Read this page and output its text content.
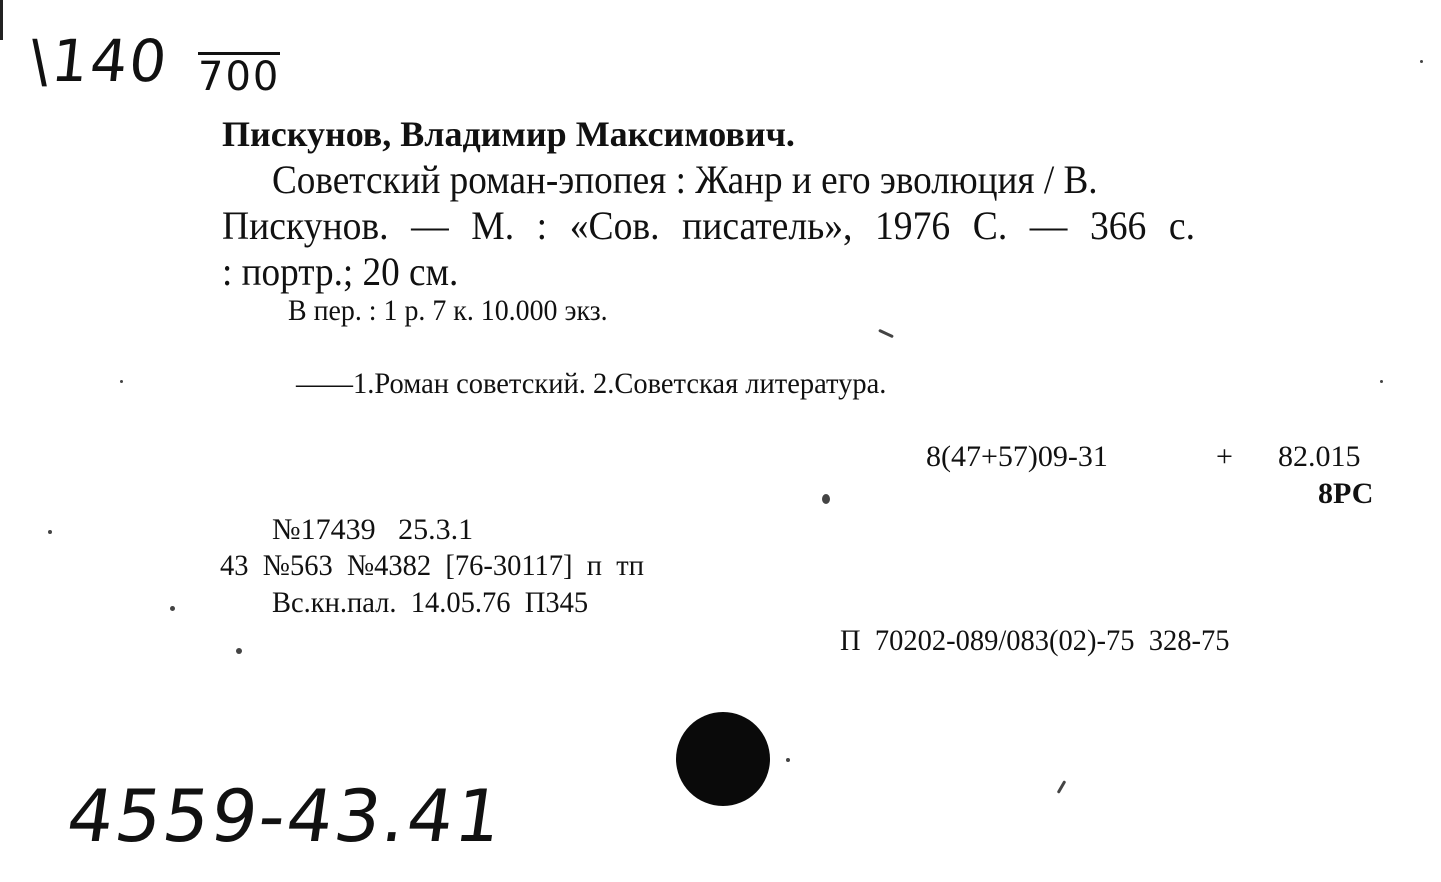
\140 700
Пискунов, Владимир Максимович.
Советский роман-эпопея : Жанр и его эволюция / В.
Пискунов. — М. : «Сов. писатель», 1976 С. — 366 с.
: портр.; 20 см.
В пер. : 1 р. 7 к. 10.000 экз.
——1.Роман советский. 2.Советская литература.
8(47+57)09-31	+ 82.015
8РС
№17439   25.3.1
43  №563  №4382  [76-30117]  п  тп
Вс.кн.пал.  14.05.76  П345
П  70202-089/083(02)-75  328-75
4559-43.41
